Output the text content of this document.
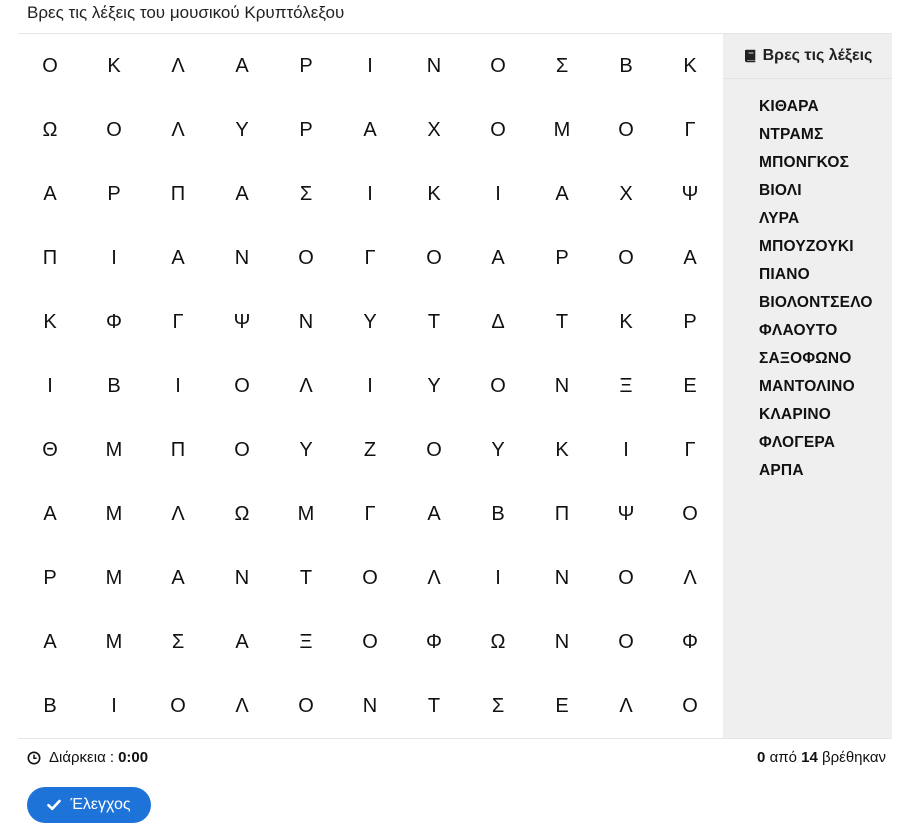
Βρες τις λέξεις του μουσικού Κρυπτόλεξου
Ο	Κ	Λ	Α	Ρ	Ι	Ν	Ο	Σ	Β	Κ
Ω	Ο	Λ	Υ	Ρ	Α	Χ	Ο	Μ	Ο	Γ
Α	Ρ	Π	Α	Σ	Ι	Κ	Ι	Α	Χ	Ψ
Π	Ι	Α	Ν	Ο	Γ	Ο	Α	Ρ	Ο	Α
Κ	Φ	Γ	Ψ	Ν	Υ	Τ	Δ	Τ	Κ	Ρ
Ι	Β	Ι	Ο	Λ	Ι	Υ	Ο	Ν	Ξ	Ε
Θ	Μ	Π	Ο	Υ	Ζ	Ο	Υ	Κ	Ι	Γ
Α	Μ	Λ	Ω	Μ	Γ	Α	Β	Π	Ψ	Ο
Ρ	Μ	Α	Ν	Τ	Ο	Λ	Ι	Ν	Ο	Λ
Α	Μ	Σ	Α	Ξ	Ο	Φ	Ω	Ν	Ο	Φ
Β	Ι	Ο	Λ	Ο	Ν	Τ	Σ	Ε	Λ	Ο
Βρες τις λέξεις
ΚΙΘΑΡΑ
ΝΤΡΑΜΣ
ΜΠΟΝΓΚΟΣ
ΒΙΟΛΙ
ΛΥΡΑ
ΜΠΟΥΖΟΥΚΙ
ΠΙΑΝΟ
ΒΙΟΛΟΝΤΣΕΛΟ
ΦΛΑΟΥΤΟ
ΣΑΞΟΦΩΝΟ
ΜΑΝΤΟΛΙΝΟ
ΚΛΑΡΙΝΟ
ΦΛΟΓΕΡΑ
ΑΡΠΑ
Διάρκεια : 0:00	0 από 14 βρέθηκαν
Έλεγχος
